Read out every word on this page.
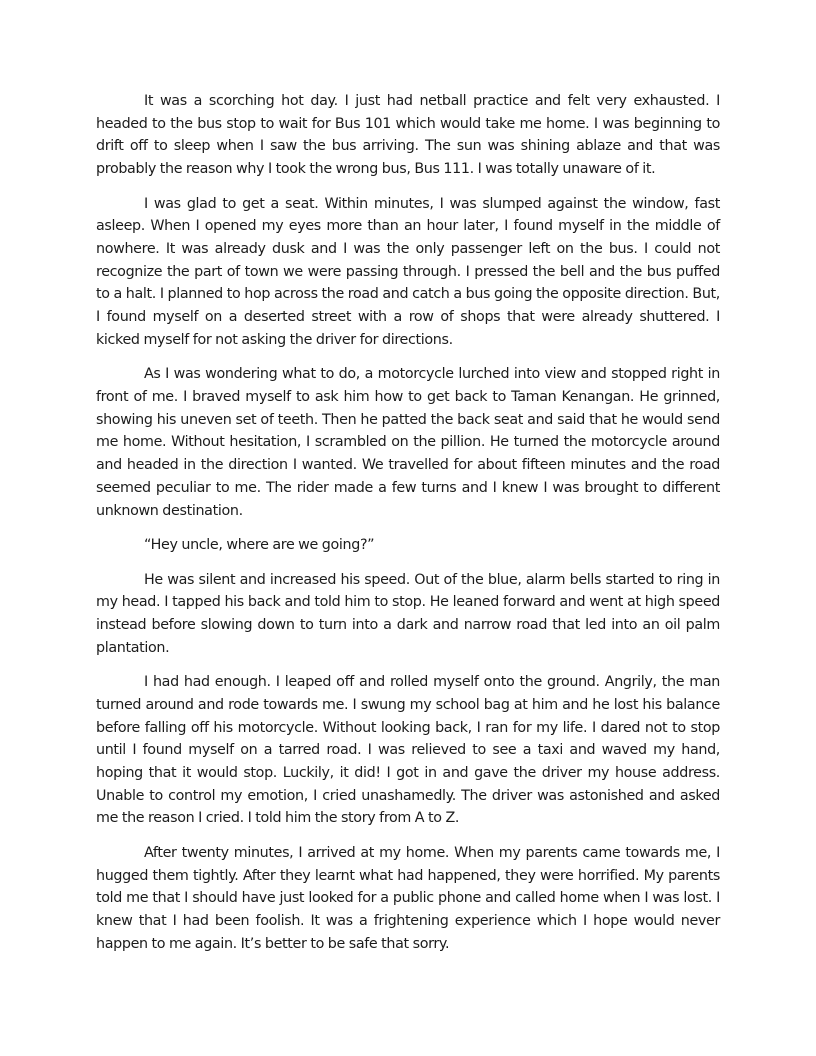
It was a scorching hot day. I just had netball practice and felt very exhausted. I headed to the bus stop to wait for Bus 101 which would take me home. I was beginning to drift off to sleep when I saw the bus arriving. The sun was shining ablaze and that was probably the reason why I took the wrong bus, Bus 111. I was totally unaware of it.

I was glad to get a seat. Within minutes, I was slumped against the window, fast asleep. When I opened my eyes more than an hour later, I found myself in the middle of nowhere. It was already dusk and I was the only passenger left on the bus. I could not recognize the part of town we were passing through. I pressed the bell and the bus puffed to a halt. I planned to hop across the road and catch a bus going the opposite direction. But, I found myself on a deserted street with a row of shops that were already shuttered. I kicked myself for not asking the driver for directions.

As I was wondering what to do, a motorcycle lurched into view and stopped right in front of me. I braved myself to ask him how to get back to Taman Kenangan. He grinned, showing his uneven set of teeth. Then he patted the back seat and said that he would send me home. Without hesitation, I scrambled on the pillion. He turned the motorcycle around and headed in the direction I wanted. We travelled for about fifteen minutes and the road seemed peculiar to me. The rider made a few turns and I knew I was brought to different unknown destination.

“Hey uncle, where are we going?”

He was silent and increased his speed. Out of the blue, alarm bells started to ring in my head. I tapped his back and told him to stop. He leaned forward and went at high speed instead before slowing down to turn into a dark and narrow road that led into an oil palm plantation.

I had had enough. I leaped off and rolled myself onto the ground. Angrily, the man turned around and rode towards me. I swung my school bag at him and he lost his balance before falling off his motorcycle. Without looking back, I ran for my life. I dared not to stop until I found myself on a tarred road. I was relieved to see a taxi and waved my hand, hoping that it would stop. Luckily, it did! I got in and gave the driver my house address. Unable to control my emotion, I cried unashamedly. The driver was astonished and asked me the reason I cried. I told him the story from A to Z.

After twenty minutes, I arrived at my home. When my parents came towards me, I hugged them tightly. After they learnt what had happened, they were horrified. My parents told me that I should have just looked for a public phone and called home when I was lost. I knew that I had been foolish. It was a frightening experience which I hope would never happen to me again. It’s better to be safe that sorry.
